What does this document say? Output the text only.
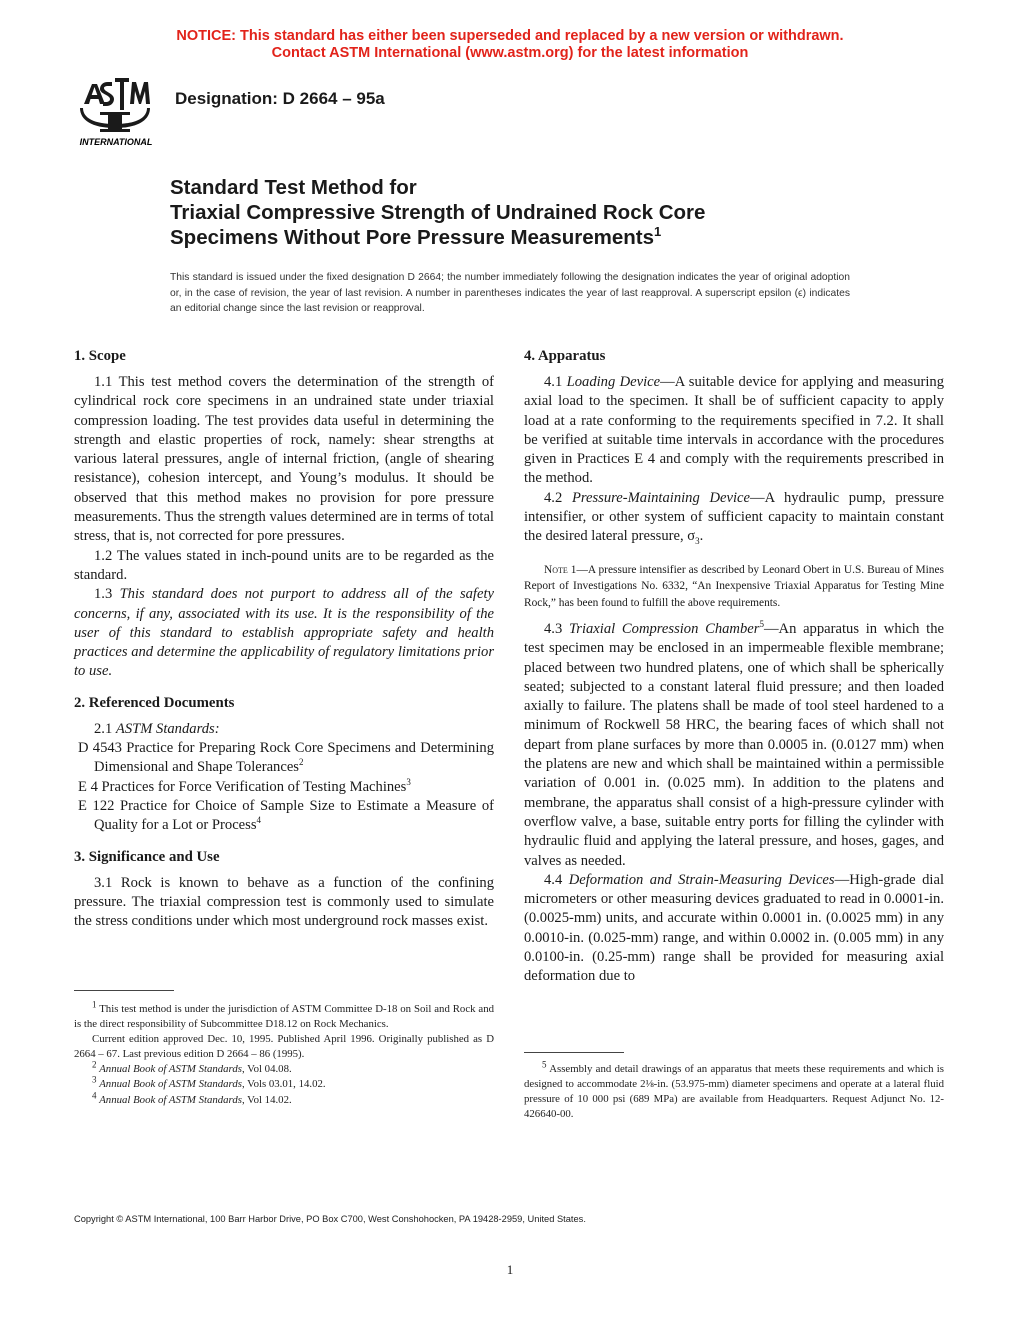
NOTICE: This standard has either been superseded and replaced by a new version or withdrawn.
Contact ASTM International (www.astm.org) for the latest information
INTERNATIONAL
Designation: D 2664 – 95a
Standard Test Method for
Triaxial Compressive Strength of Undrained Rock Core
Specimens Without Pore Pressure Measurements$^1$
This standard is issued under the fixed designation D 2664; the number immediately following the designation indicates the year of original adoption or, in the case of revision, the year of last revision. A number in parentheses indicates the year of last reapproval. A superscript epsilon (ϵ) indicates an editorial change since the last revision or reapproval.
1. Scope

1.1 This test method covers the determination of the strength of cylindrical rock core specimens in an undrained state under triaxial compression loading. The test provides data useful in determining the strength and elastic properties of rock, namely: shear strengths at various lateral pressures, angle of internal friction, (angle of shearing resistance), cohesion intercept, and Young’s modulus. It should be observed that this method makes no provision for pore pressure measurements. Thus the strength values determined are in terms of total stress, that is, not corrected for pore pressures.

1.2 The values stated in inch-pound units are to be regarded as the standard.

1.3 This standard does not purport to address all of the safety concerns, if any, associated with its use. It is the responsibility of the user of this standard to establish appropriate safety and health practices and determine the applicability of regulatory limitations prior to use.

2. Referenced Documents

2.1 ASTM Standards:

D 4543 Practice for Preparing Rock Core Specimens and Determining Dimensional and Shape Tolerances$^2$

E 4 Practices for Force Verification of Testing Machines$^3$

E 122 Practice for Choice of Sample Size to Estimate a Measure of Quality for a Lot or Process$^4$

3. Significance and Use

3.1 Rock is known to behave as a function of the confining pressure. The triaxial compression test is commonly used to simulate the stress conditions under which most underground rock masses exist.

$^1$ This test method is under the jurisdiction of ASTM Committee D-18 on Soil and Rock and is the direct responsibility of Subcommittee D18.12 on Rock Mechanics.

Current edition approved Dec. 10, 1995. Published April 1996. Originally published as D 2664 – 67. Last previous edition D 2664 – 86 (1995).

$^2$ Annual Book of ASTM Standards, Vol 04.08.

$^3$ Annual Book of ASTM Standards, Vols 03.01, 14.02.

$^4$ Annual Book of ASTM Standards, Vol 14.02.

4. Apparatus

4.1 Loading Device—A suitable device for applying and measuring axial load to the specimen. It shall be of sufficient capacity to apply load at a rate conforming to the requirements specified in 7.2. It shall be verified at suitable time intervals in accordance with the procedures given in Practices E 4 and comply with the requirements prescribed in the method.

4.2 Pressure-Maintaining Device—A hydraulic pump, pressure intensifier, or other system of sufficient capacity to maintain constant the desired lateral pressure, $\sigma_3$.

Note 1—A pressure intensifier as described by Leonard Obert in U.S. Bureau of Mines Report of Investigations No. 6332, “An Inexpensive Triaxial Apparatus for Testing Mine Rock,” has been found to fulfill the above requirements.

4.3 Triaxial Compression Chamber$^5$—An apparatus in which the test specimen may be enclosed in an impermeable flexible membrane; placed between two hundred platens, one of which shall be spherically seated; subjected to a constant lateral fluid pressure; and then loaded axially to failure. The platens shall be made of tool steel hardened to a minimum of Rockwell 58 HRC, the bearing faces of which shall not depart from plane surfaces by more than 0.0005 in. (0.0127 mm) when the platens are new and which shall be maintained within a permissible variation of 0.001 in. (0.025 mm). In addition to the platens and membrane, the apparatus shall consist of a high-pressure cylinder with overflow valve, a base, suitable entry ports for filling the cylinder with hydraulic fluid and applying the lateral pressure, and hoses, gages, and valves as needed.

4.4 Deformation and Strain-Measuring Devices—High-grade dial micrometers or other measuring devices graduated to read in 0.0001-in. (0.0025-mm) units, and accurate within 0.0001 in. (0.0025 mm) in any 0.0010-in. (0.025-mm) range, and within 0.0002 in. (0.005 mm) in any 0.0100-in. (0.25-mm) range shall be provided for measuring axial deformation due to

$^5$ Assembly and detail drawings of an apparatus that meets these requirements and which is designed to accommodate 2⅛-in. (53.975-mm) diameter specimens and operate at a lateral fluid pressure of 10 000 psi (689 MPa) are available from Headquarters. Request Adjunct No. 12-426640-00.

Copyright © ASTM International, 100 Barr Harbor Drive, PO Box C700, West Conshohocken, PA 19428-2959, United States.
1
